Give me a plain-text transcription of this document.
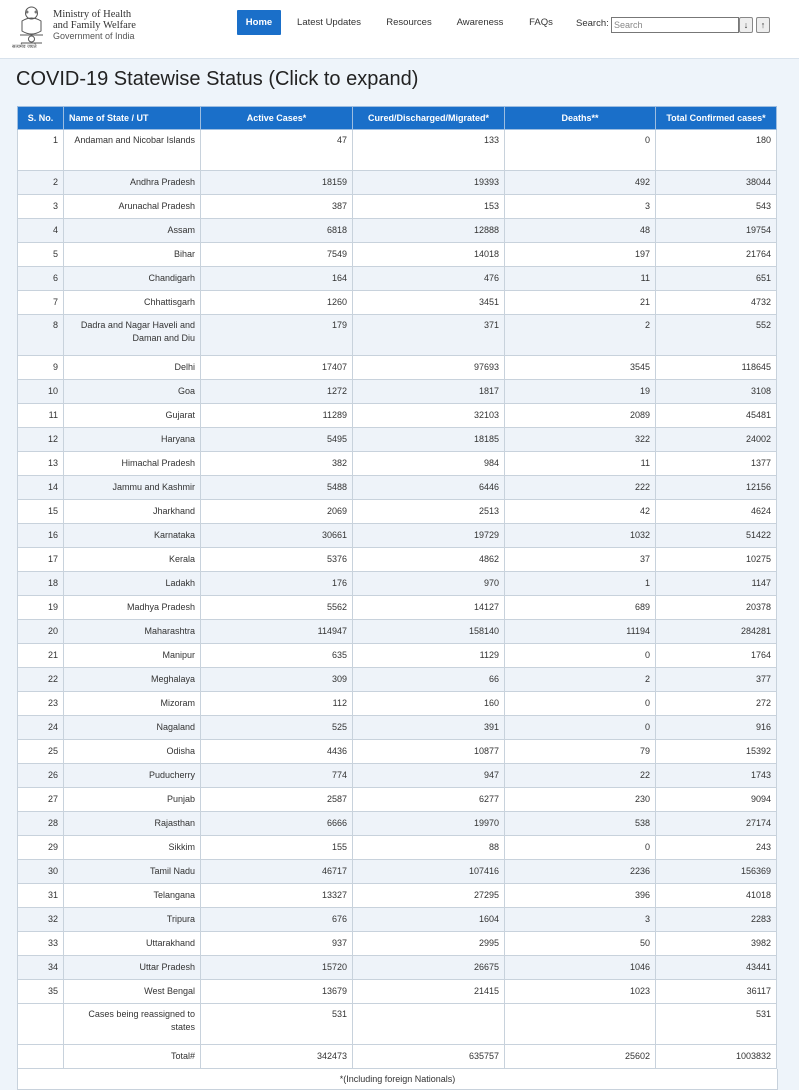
सत्यमेव जयते
Ministry of Health
and Family Welfare
Government of India
Home	Latest Updates	Resources	Awareness	FAQs	Search:
Search	↓	↑
COVID-19 Statewise Status (Click to expand)
S. No.	Name of State / UT	Active Cases*	Cured/Discharged/Migrated*	Deaths**	Total Confirmed cases*
1	Andaman and Nicobar Islands	47	133	0	180
2	Andhra Pradesh	18159	19393	492	38044
3	Arunachal Pradesh	387	153	3	543
4	Assam	6818	12888	48	19754
5	Bihar	7549	14018	197	21764
6	Chandigarh	164	476	11	651
7	Chhattisgarh	1260	3451	21	4732
8	Dadra and Nagar Haveli and Daman and Diu	179	371	2	552
9	Delhi	17407	97693	3545	118645
10	Goa	1272	1817	19	3108
11	Gujarat	11289	32103	2089	45481
12	Haryana	5495	18185	322	24002
13	Himachal Pradesh	382	984	11	1377
14	Jammu and Kashmir	5488	6446	222	12156
15	Jharkhand	2069	2513	42	4624
16	Karnataka	30661	19729	1032	51422
17	Kerala	5376	4862	37	10275
18	Ladakh	176	970	1	1147
19	Madhya Pradesh	5562	14127	689	20378
20	Maharashtra	114947	158140	11194	284281
21	Manipur	635	1129	0	1764
22	Meghalaya	309	66	2	377
23	Mizoram	112	160	0	272
24	Nagaland	525	391	0	916
25	Odisha	4436	10877	79	15392
26	Puducherry	774	947	22	1743
27	Punjab	2587	6277	230	9094
28	Rajasthan	6666	19970	538	27174
29	Sikkim	155	88	0	243
30	Tamil Nadu	46717	107416	2236	156369
31	Telangana	13327	27295	396	41018
32	Tripura	676	1604	3	2283
33	Uttarakhand	937	2995	50	3982
34	Uttar Pradesh	15720	26675	1046	43441
35	West Bengal	13679	21415	1023	36117
	Cases being reassigned to states	531			531
	Total#	342473	635757	25602	1003832
*(Including foreign Nationals)
